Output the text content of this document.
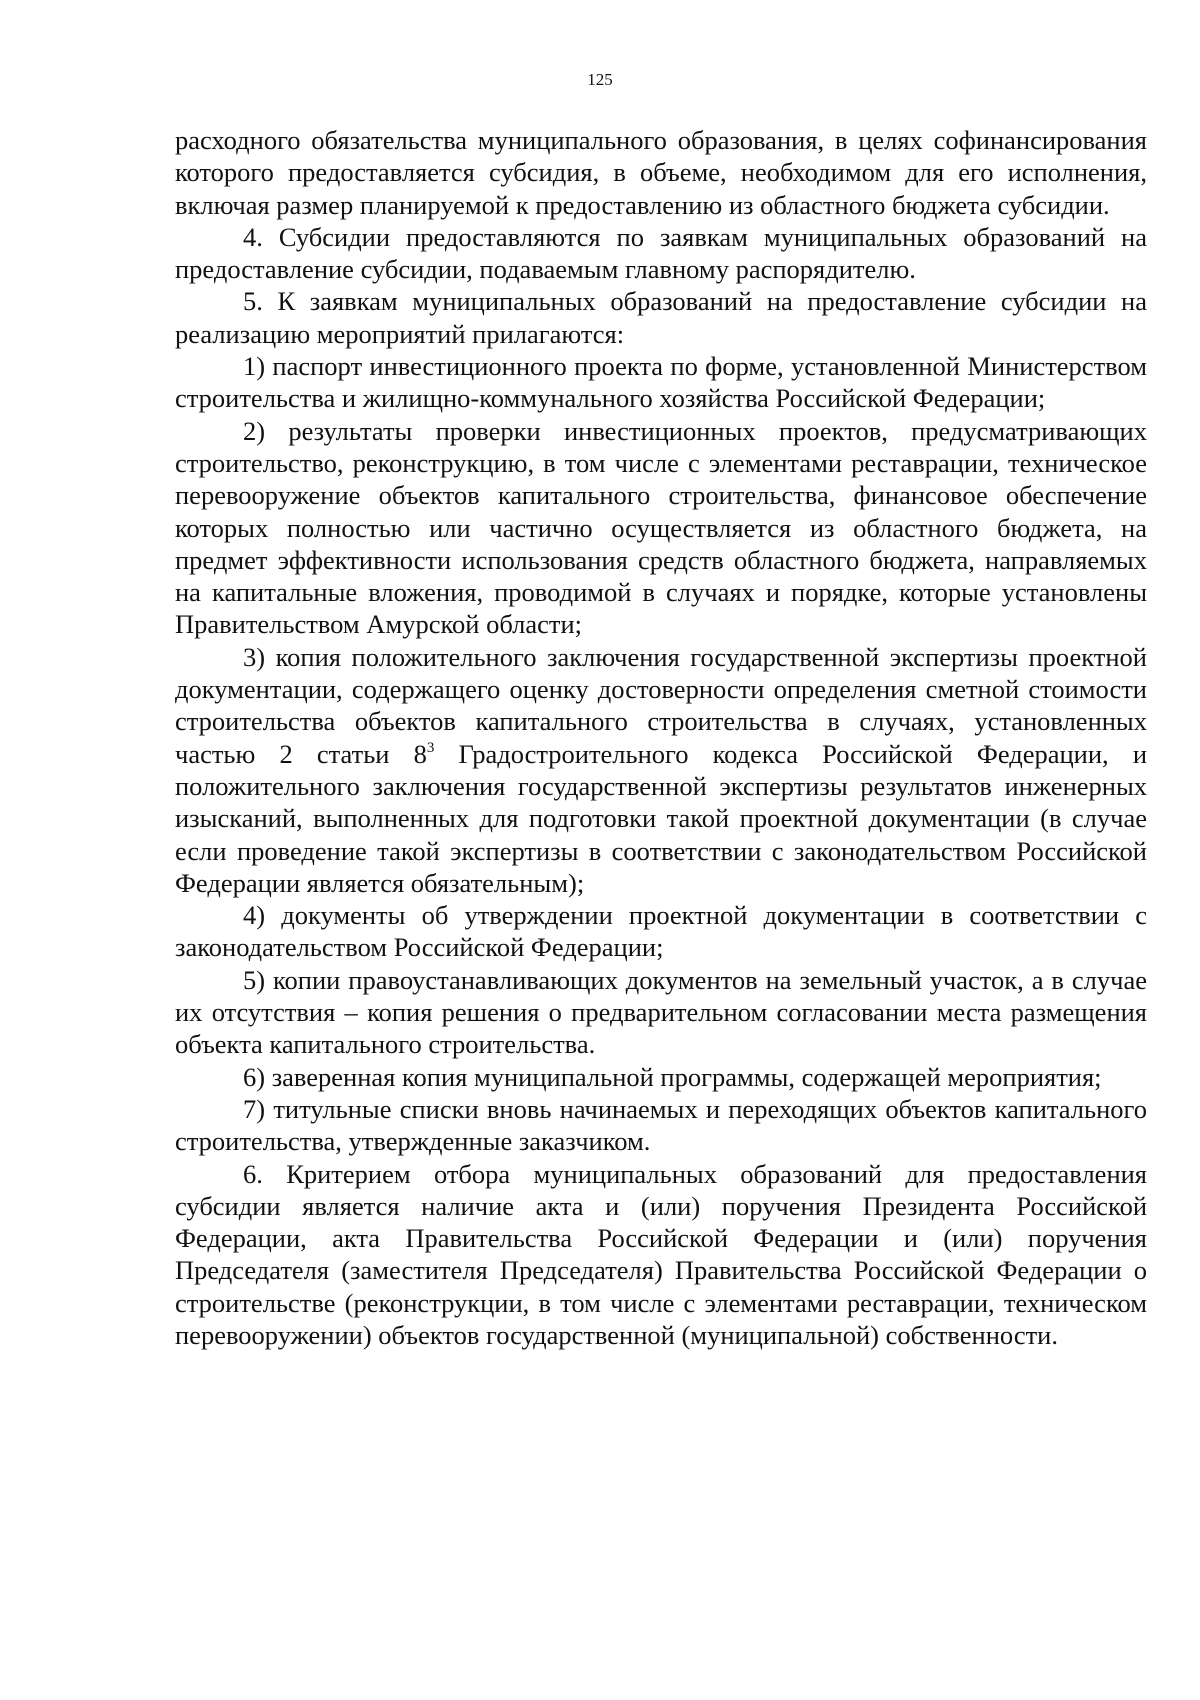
125

расходного обязательства муниципального образования, в целях софинансирования которого предоставляется субсидия, в объеме, необходимом для его исполнения, включая размер планируемой к предоставлению из областного бюджета субсидии.

4. Субсидии предоставляются по заявкам муниципальных образований на предоставление субсидии, подаваемым главному распорядителю.

5. К заявкам муниципальных образований на предоставление субсидии на реализацию мероприятий прилагаются:

1) паспорт инвестиционного проекта по форме, установленной Министерством строительства и жилищно-коммунального хозяйства Российской Федерации;

2) результаты проверки инвестиционных проектов, предусматривающих строительство, реконструкцию, в том числе с элементами реставрации, техническое перевооружение объектов капитального строительства, финансовое обеспечение которых полностью или частично осуществляется из областного бюджета, на предмет эффективности использования средств областного бюджета, направляемых на капитальные вложения, проводимой в случаях и порядке, которые установлены Правительством Амурской области;

3) копия положительного заключения государственной экспертизы проектной документации, содержащего оценку достоверности определения сметной стоимости строительства объектов капитального строительства в случаях, установленных частью 2 статьи $8^3$ Градостроительного кодекса Российской Федерации, и положительного заключения государственной экспертизы результатов инженерных изысканий, выполненных для подготовки такой проектной документации (в случае если проведение такой экспертизы в соответствии с законодательством Российской Федерации является обязательным);

4) документы об утверждении проектной документации в соответствии с законодательством Российской Федерации;

5) копии правоустанавливающих документов на земельный участок, а в случае их отсутствия – копия решения о предварительном согласовании места размещения объекта капитального строительства.

6) заверенная копия муниципальной программы, содержащей мероприятия;

7) титульные списки вновь начинаемых и переходящих объектов капитального строительства, утвержденные заказчиком.

6. Критерием отбора муниципальных образований для предоставления субсидии является наличие акта и (или) поручения Президента Российской Федерации, акта Правительства Российской Федерации и (или) поручения Председателя (заместителя Председателя) Правительства Российской Федерации о строительстве (реконструкции, в том числе с элементами реставрации, техническом перевооружении) объектов государственной (муниципальной) собственности.
